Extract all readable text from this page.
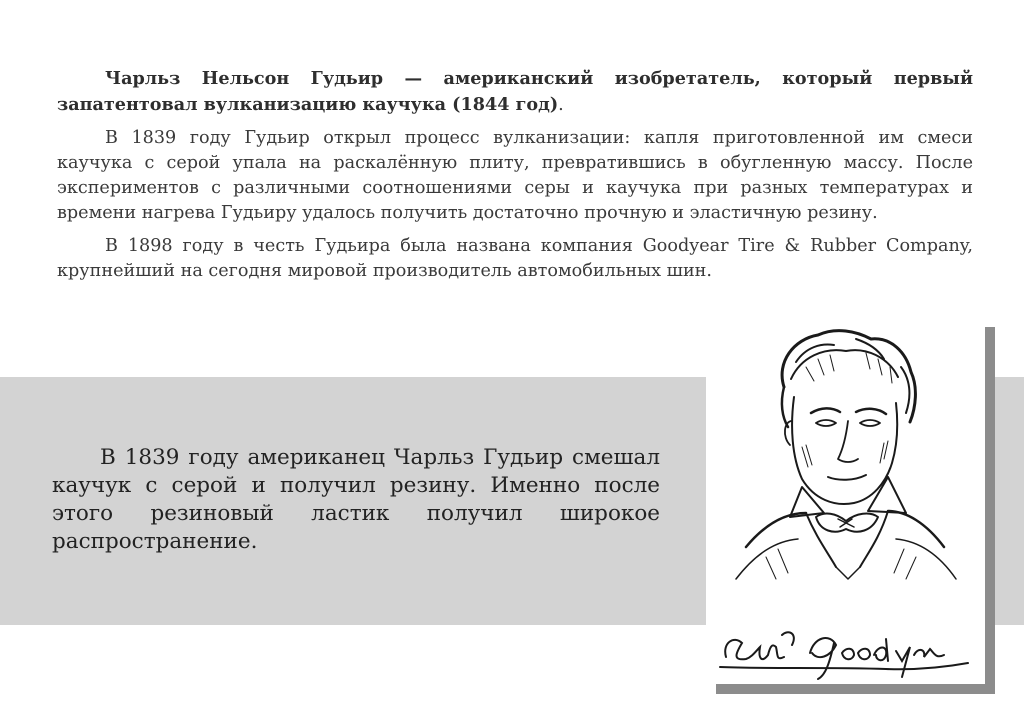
Чарльз Нельсон Гудьир — американский изобретатель, который первый запатентовал вулканизацию каучука (1844 год).

В 1839 году Гудьир открыл процесс вулканизации: капля приготовленной им смеси каучука с серой упала на раскалённую плиту, превратившись в обугленную массу. После экспериментов с различными соотношениями серы и каучука при разных температурах и времени нагрева Гудьиру удалось получить достаточно прочную и эластичную резину.

В 1898 году в честь Гудьира была названа компания Goodyear Tire & Rubber Company, крупнейший на сегодня мировой производитель автомобильных шин.

В 1839 году американец Чарльз Гудьир смешал каучук с серой и получил резину. Именно после этого резиновый ластик получил широкое распространение.
